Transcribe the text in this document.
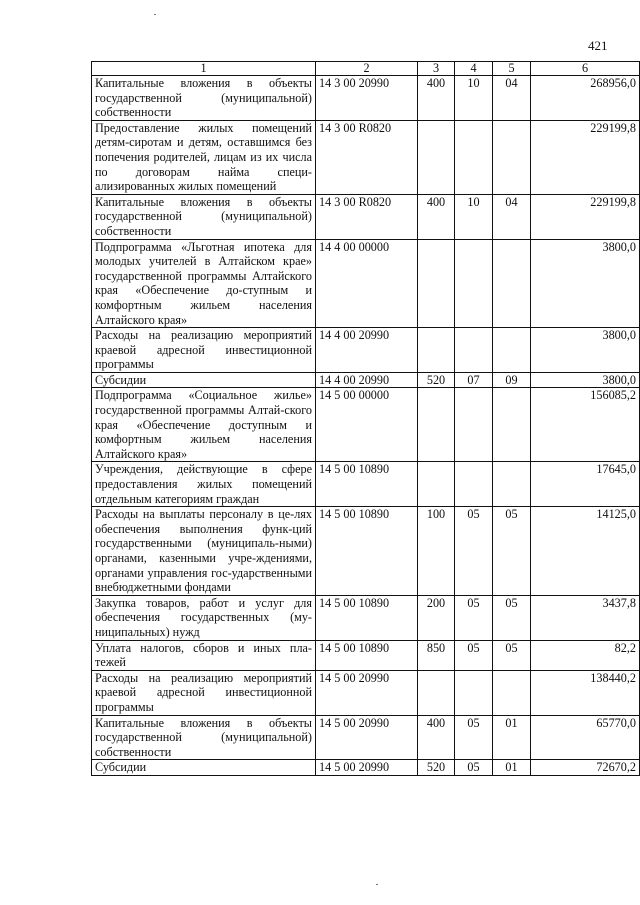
421
1	2	3	4	5	6
Капитальные вложения в объекты государственной (муниципальной) собственности	14 3 00 20990	400	10	04	268956,0
Предоставление жилых помещений детям-сиротам и детям, оставшимся без попечения родителей, лицам из их числа по договорам найма специ-ализированных жилых помещений	14 3 00 R0820				229199,8
Капитальные вложения в объекты государственной (муниципальной) собственности	14 3 00 R0820	400	10	04	229199,8
Подпрограмма «Льготная ипотека для молодых учителей в Алтайском крае» государственной программы Алтайского края «Обеспечение до-ступным и комфортным жильем населения Алтайского края»	14 4 00 00000				3800,0
Расходы на реализацию мероприятий краевой адресной инвестиционной программы	14 4 00 20990				3800,0
Субсидии	14 4 00 20990	520	07	09	3800,0
Подпрограмма «Социальное жилье» государственной программы Алтай-ского края «Обеспечение доступным и комфортным жильем населения Алтайского края»	14 5 00 00000				156085,2
Учреждения, действующие в сфере предоставления жилых помещений отдельным категориям граждан	14 5 00 10890				17645,0
Расходы на выплаты персоналу в це-лях обеспечения выполнения функ-ций государственными (муниципаль-ными) органами, казенными учре-ждениями, органами управления гос-ударственными внебюджетными фондами	14 5 00 10890	100	05	05	14125,0
Закупка товаров, работ и услуг для обеспечения государственных (му-ниципальных) нужд	14 5 00 10890	200	05	05	3437,8
Уплата налогов, сборов и иных пла-тежей	14 5 00 10890	850	05	05	82,2
Расходы на реализацию мероприятий краевой адресной инвестиционной программы	14 5 00 20990				138440,2
Капитальные вложения в объекты государственной (муниципальной) собственности	14 5 00 20990	400	05	01	65770,0
Субсидии	14 5 00 20990	520	05	01	72670,2
